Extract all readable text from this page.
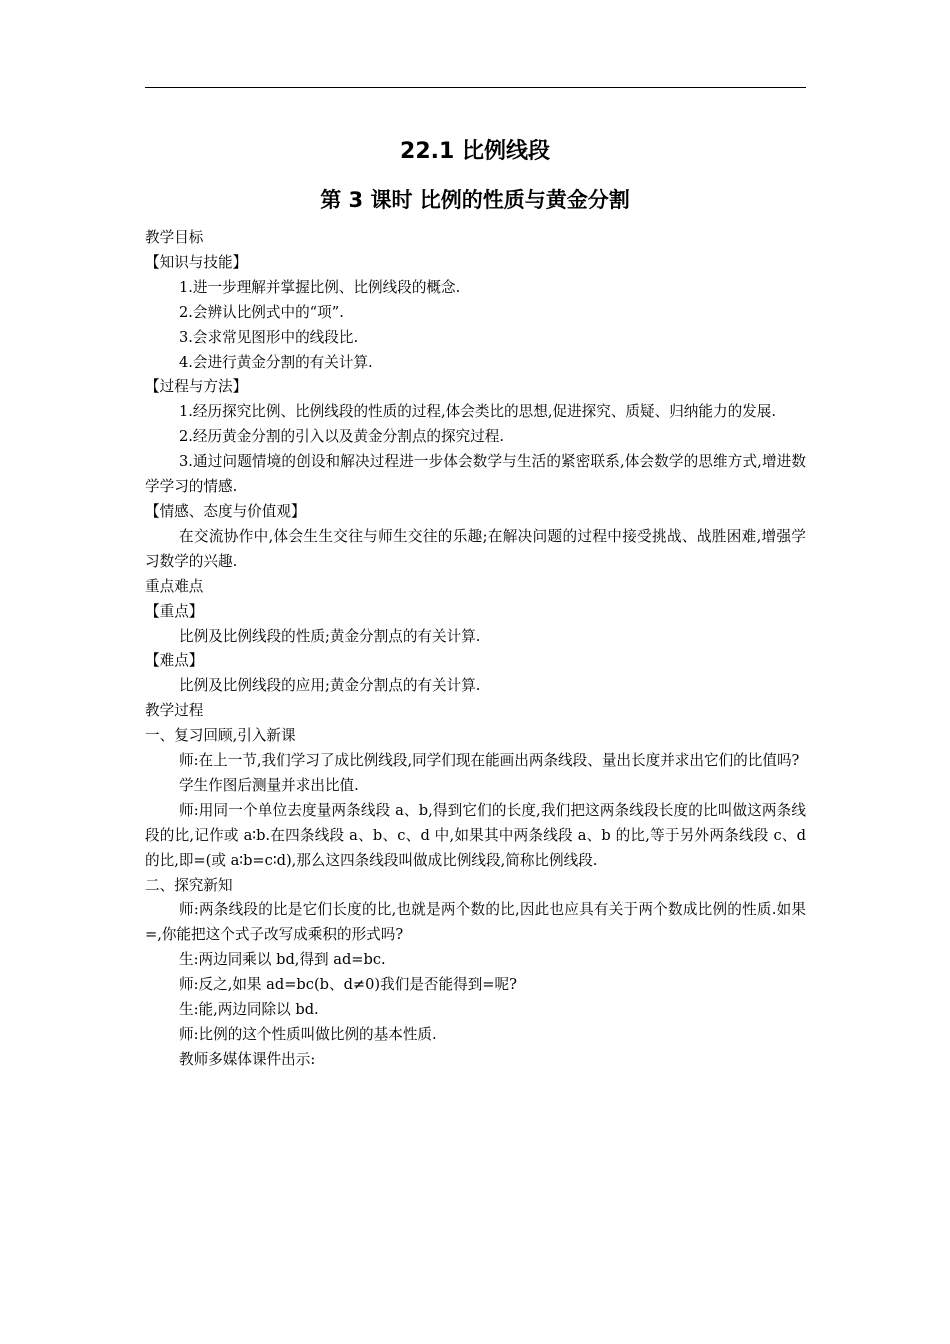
22.1 比例线段
第 3 课时 比例的性质与黄金分割

教学目标

【知识与技能】

1.进一步理解并掌握比例、比例线段的概念.

2.会辨认比例式中的“项”.

3.会求常见图形中的线段比.

4.会进行黄金分割的有关计算.

【过程与方法】

1.经历探究比例、比例线段的性质的过程,体会类比的思想,促进探究、质疑、归纳能力的发展.

2.经历黄金分割的引入以及黄金分割点的探究过程.

3.通过问题情境的创设和解决过程进一步体会数学与生活的紧密联系,体会数学的思维方式,增进数学学习的情感.

【情感、态度与价值观】

在交流协作中,体会生生交往与师生交往的乐趣;在解决问题的过程中接受挑战、战胜困难,增强学习数学的兴趣.

重点难点

【重点】

比例及比例线段的性质;黄金分割点的有关计算.

【难点】

比例及比例线段的应用;黄金分割点的有关计算.

教学过程

一、复习回顾,引入新课

师:在上一节,我们学习了成比例线段,同学们现在能画出两条线段、量出长度并求出它们的比值吗?

学生作图后测量并求出比值.

师:用同一个单位去度量两条线段 a、b,得到它们的长度,我们把这两条线段长度的比叫做这两条线段的比,记作或 a∶b.在四条线段 a、b、c、d 中,如果其中两条线段 a、b 的比,等于另外两条线段 c、d 的比,即=(或 a∶b=c∶d),那么这四条线段叫做成比例线段,简称比例线段.

二、探究新知

师:两条线段的比是它们长度的比,也就是两个数的比,因此也应具有关于两个数成比例的性质.如果=,你能把这个式子改写成乘积的形式吗?

生:两边同乘以 bd,得到 ad=bc.

师:反之,如果 ad=bc(b、d≠0)我们是否能得到=呢?

生:能,两边同除以 bd.

师:比例的这个性质叫做比例的基本性质.

教师多媒体课件出示:
